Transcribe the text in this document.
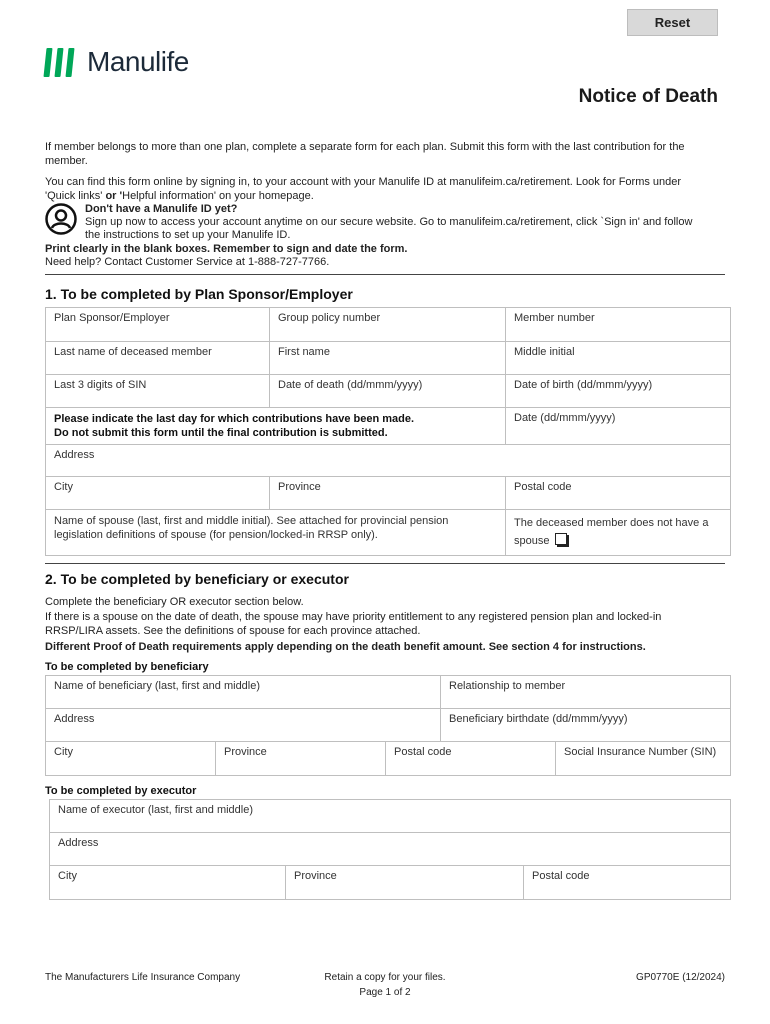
Reset
Manulife
Notice of Death
If member belongs to more than one plan, complete a separate form for each plan. Submit this form with the last contribution for the member.
You can find this form online by signing in, to your account with your Manulife ID at manulifeim.ca/retirement. Look for Forms under
'Quick links' or 'Helpful information' on your homepage.
Don't have a Manulife ID yet?
Sign up now to access your account anytime on our secure website. Go to manulifeim.ca/retirement, click `Sign in' and follow
the instructions to set up your Manulife ID.
Print clearly in the blank boxes. Remember to sign and date the form.
Need help? Contact Customer Service at 1-888-727-7766.
1. To be completed by Plan Sponsor/Employer
Plan Sponsor/Employer	Group policy number	Member number
Last name of deceased member	First name	Middle initial
Last 3 digits of SIN	Date of death (dd/mmm/yyyy)	Date of birth (dd/mmm/yyyy)
Please indicate the last day for which contributions have been made.
Do not submit this form until the final contribution is submitted.		Date (dd/mmm/yyyy)
Address		
City	Province	Postal code
Name of spouse (last, first and middle initial). See attached for provincial pension legislation definitions of spouse (for pension/locked-in RRSP only).		The deceased member does not have a
spouse
2. To be completed by beneficiary or executor
Complete the beneficiary OR executor section below.
If there is a spouse on the date of death, the spouse may have priority entitlement to any registered pension plan and locked-in
RRSP/LIRA assets. See the definitions of spouse for each province attached.
Different Proof of Death requirements apply depending on the death benefit amount. See section 4 for instructions.
To be completed by beneficiary
Name of beneficiary (last, first and middle)			Relationship to member	
Address			Beneficiary birthdate (dd/mmm/yyyy)	
City	Province	Postal code		Social Insurance Number (SIN)
To be completed by executor
Name of executor (last, first and middle)
Address
City	Province	Postal code
The Manufacturers Life Insurance Company	Retain a copy for your files.
Page 1 of 2
GP0770E (12/2024)
